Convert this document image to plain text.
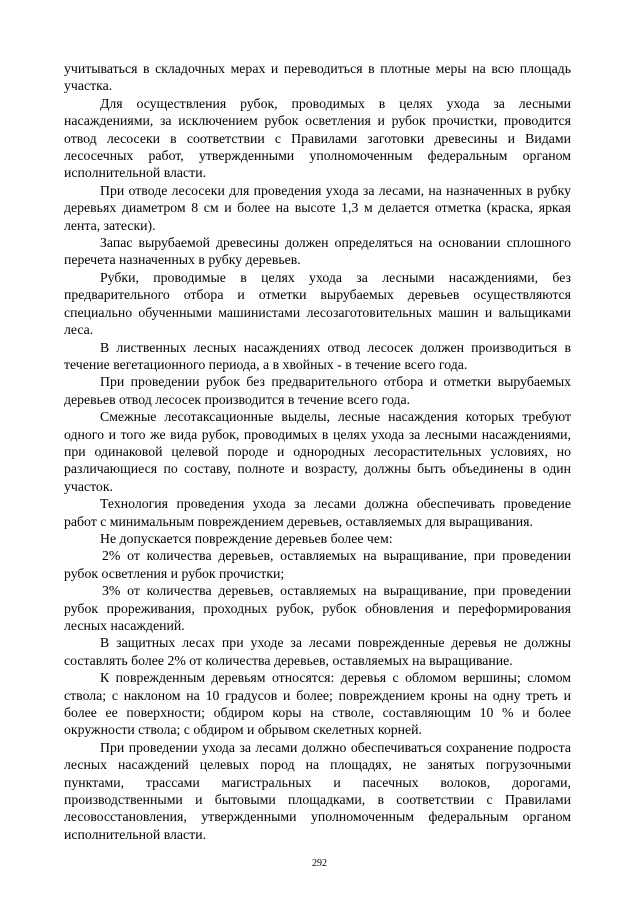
учитываться в складочных мерах и переводиться в плотные меры на всю площадь участка.

Для осуществления рубок, проводимых в целях ухода за лесными насаждениями, за исключением рубок осветления и рубок прочистки, проводится отвод лесосеки в соответствии с Правилами заготовки древесины и Видами лесосечных работ, утвержденными уполномоченным федеральным органом исполнительной власти.

При отводе лесосеки для проведения ухода за лесами, на назначенных в рубку деревьях диаметром 8 см и более на высоте 1,3 м делается отметка (краска, яркая лента, затески).

Запас вырубаемой древесины должен определяться на основании сплошного перечета назначенных в рубку деревьев.

Рубки, проводимые в целях ухода за лесными насаждениями, без предварительного отбора и отметки вырубаемых деревьев осуществляются специально обученными машинистами лесозаготовительных машин и вальщиками леса.

В лиственных лесных насаждениях отвод лесосек должен производиться в течение вегетационного периода, а в хвойных - в течение всего года.

При проведении рубок без предварительного отбора и отметки вырубаемых деревьев отвод лесосек производится в течение всего года.

Смежные лесотаксационные выделы, лесные насаждения которых требуют одного и того же вида рубок, проводимых в целях ухода за лесными насаждениями, при одинаковой целевой породе и однородных лесорастительных условиях, но различающиеся по составу, полноте и возрасту, должны быть объединены в один участок.

Технология проведения ухода за лесами должна обеспечивать проведение работ с минимальным повреждением деревьев, оставляемых для выращивания.

Не допускается повреждение деревьев более чем:

2% от количества деревьев, оставляемых на выращивание, при проведении рубок осветления и рубок прочистки;

3% от количества деревьев, оставляемых на выращивание, при проведении рубок прореживания, проходных рубок, рубок обновления и переформирования лесных насаждений.

В защитных лесах при уходе за лесами поврежденные деревья не должны составлять более 2% от количества деревьев, оставляемых на выращивание.

К поврежденным деревьям относятся: деревья с обломом вершины; сломом ствола; с наклоном на 10 градусов и более; повреждением кроны на одну треть и более ее поверхности; обдиром коры на стволе, составляющим 10 % и более окружности ствола; с обдиром и обрывом скелетных корней.

При проведении ухода за лесами должно обеспечиваться сохранение подроста лесных насаждений целевых пород на площадях, не занятых погрузочными пунктами, трассами магистральных и пасечных волоков, дорогами, производственными и бытовыми площадками, в соответствии с Правилами лесовосстановления, утвержденными уполномоченным федеральным органом исполнительной власти.

292
